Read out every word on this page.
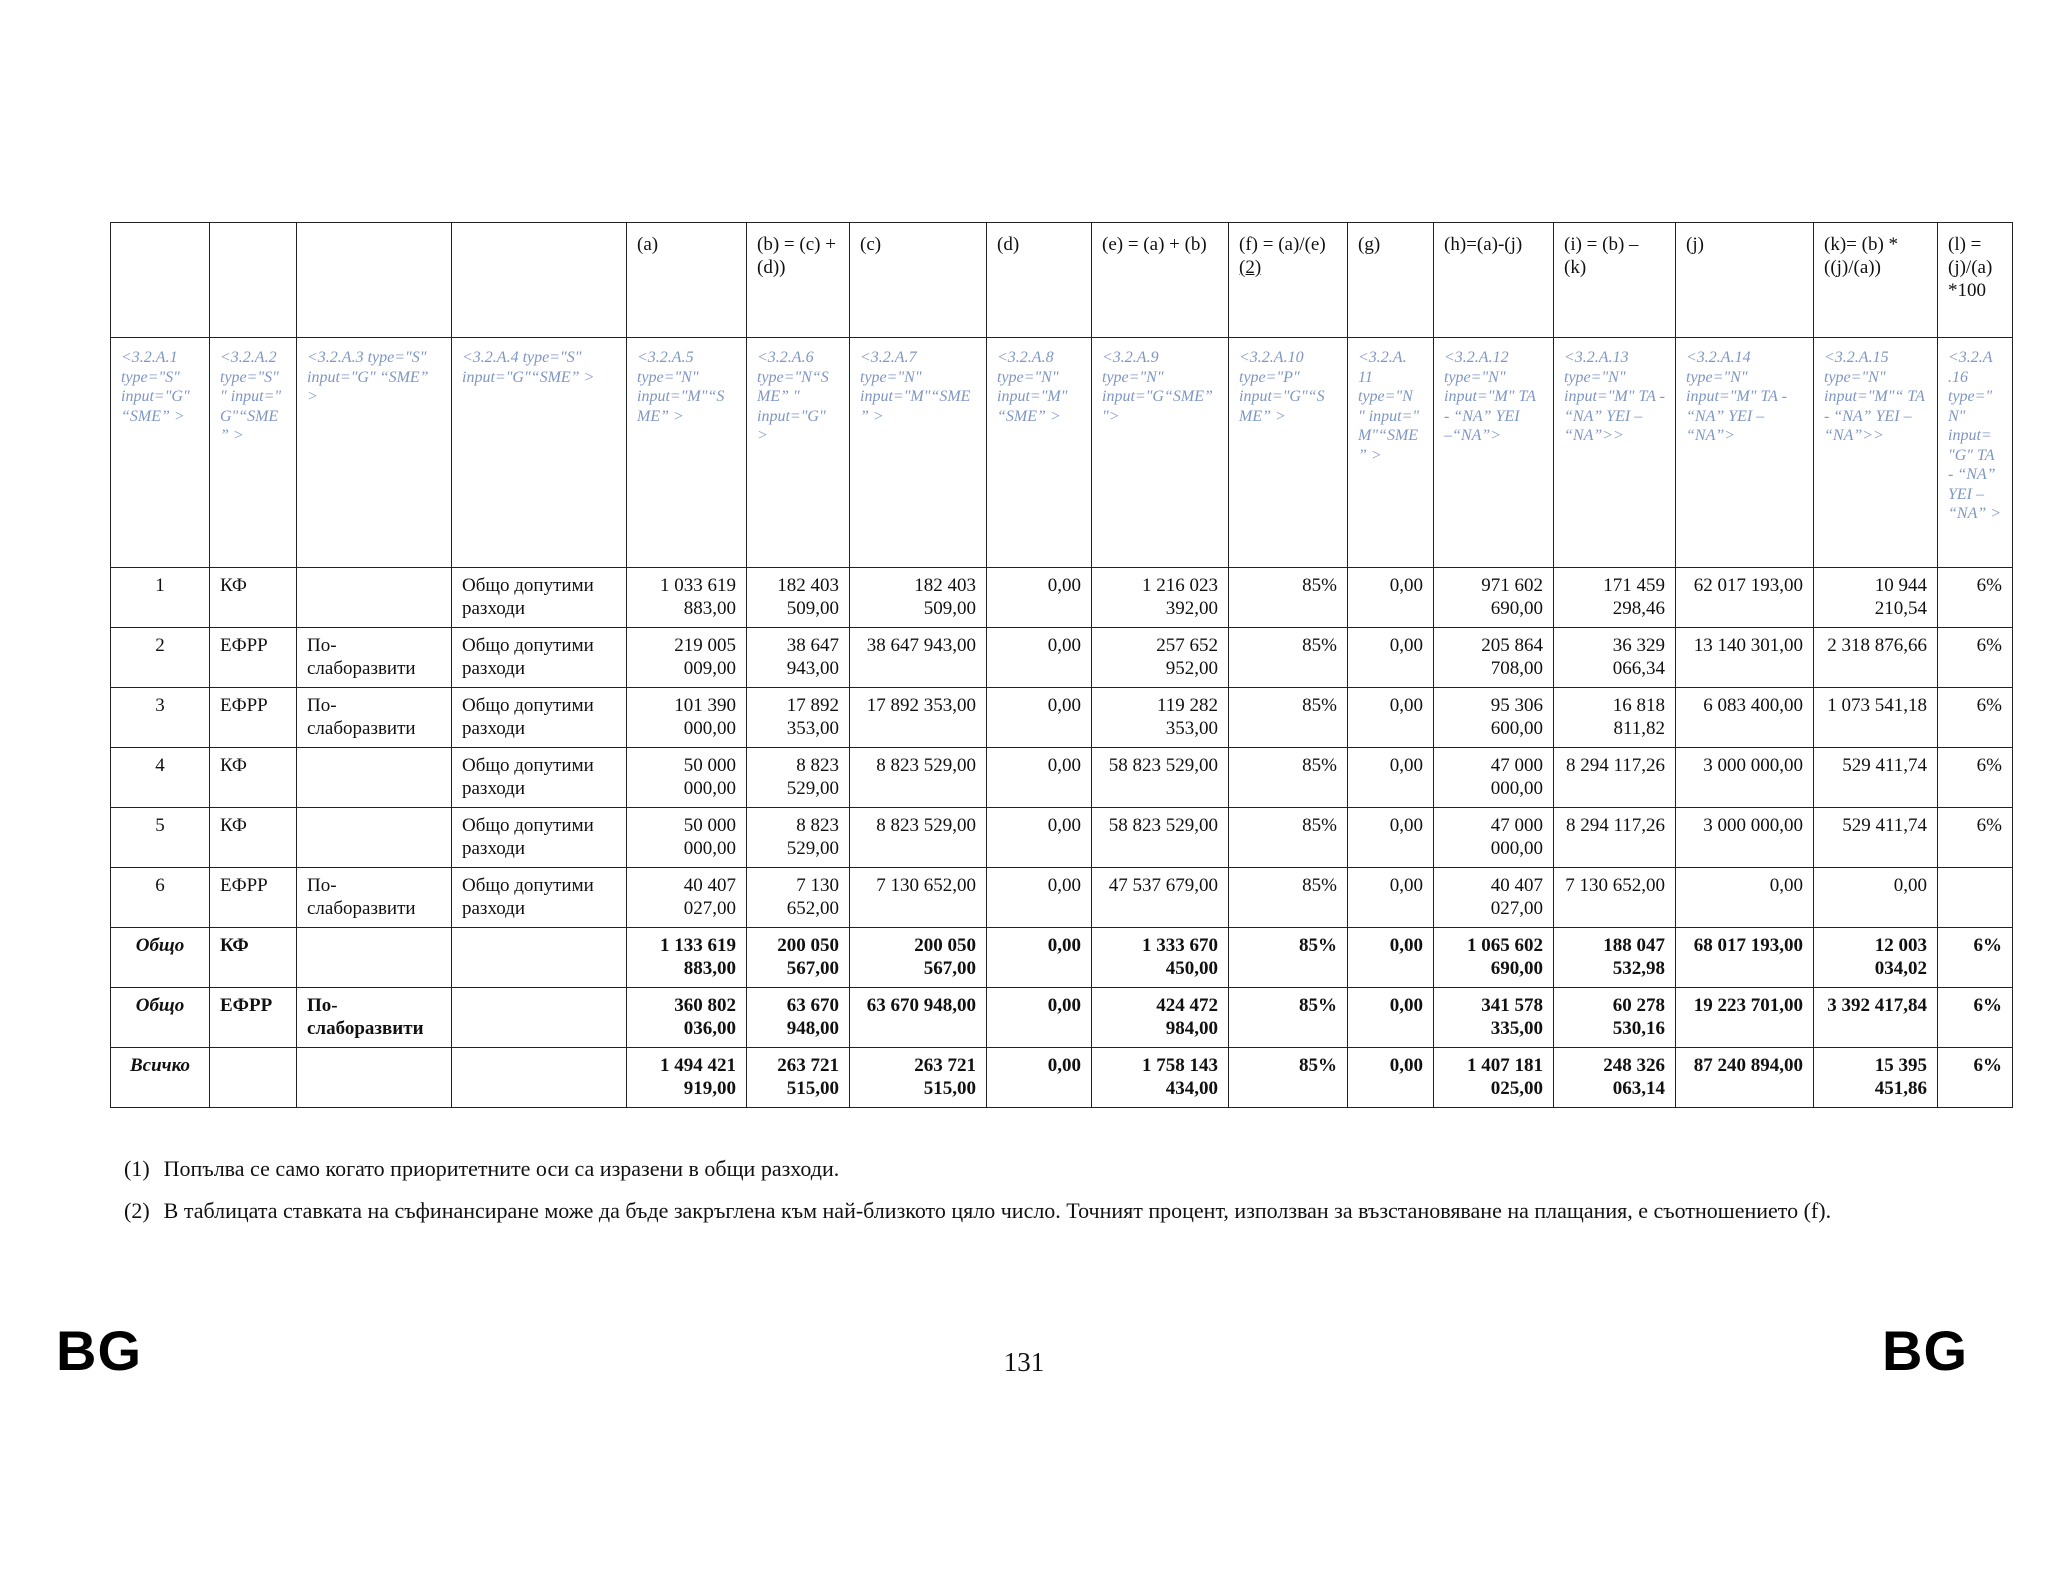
				(a)	(b) = (c) + (d))	(c)	(d)	(e) = (a) + (b)	(f) = (a)/(e) (2)	(g)	(h)=(a)-(j)	(i) = (b) – (k)	(j)	(k)= (b) * ((j)/(a))	(l) =(j)/(a) *100
<3.2.A.1 type="S" input="G" “SME” >	<3.2.A.2 type="S" " input=" G"“SME” >	<3.2.A.3 type="S" input="G" “SME” >	<3.2.A.4 type="S" input="G"“SME” >	<3.2.A.5 type="N" input="M"“SME” >	<3.2.A.6 type="N“SME” " input="G" >	<3.2.A.7 type="N" input="M"“SME” >	<3.2.A.8 type="N" input="M" “SME” >	<3.2.A.9 type="N" input="G“SME” ">	<3.2.A.10 type="P" input="G"“SME” >	<3.2.A. 11 type="N " input=" M"“SME” >	<3.2.A.12 type="N" input="M" TA - “NA” YEI –“NA”>	<3.2.A.13 type="N" input="M" TA - “NA” YEI – “NA”>>	<3.2.A.14 type="N" input="M" TA - “NA” YEI – “NA”>	<3.2.A.15 type="N" input="M"“ TA - “NA” YEI – “NA”>>	<3.2.A .16 type=" N" input= "G" TA - “NA” YEI – “NA” >
1	КФ		Общо допутими разходи	1 033 619 883,00	182 403 509,00	182 403 509,00	0,00	1 216 023 392,00	85%	0,00	971 602 690,00	171 459 298,46	62 017 193,00	10 944 210,54	6%
2	ЕФРР	По-слаборазвити	Общо допутими разходи	219 005 009,00	38 647 943,00	38 647 943,00	0,00	257 652 952,00	85%	0,00	205 864 708,00	36 329 066,34	13 140 301,00	2 318 876,66	6%
3	ЕФРР	По-слаборазвити	Общо допутими разходи	101 390 000,00	17 892 353,00	17 892 353,00	0,00	119 282 353,00	85%	0,00	95 306 600,00	16 818 811,82	6 083 400,00	1 073 541,18	6%
4	КФ		Общо допутими разходи	50 000 000,00	8 823 529,00	8 823 529,00	0,00	58 823 529,00	85%	0,00	47 000 000,00	8 294 117,26	3 000 000,00	529 411,74	6%
5	КФ		Общо допутими разходи	50 000 000,00	8 823 529,00	8 823 529,00	0,00	58 823 529,00	85%	0,00	47 000 000,00	8 294 117,26	3 000 000,00	529 411,74	6%
6	ЕФРР	По-слаборазвити	Общо допутими разходи	40 407 027,00	7 130 652,00	7 130 652,00	0,00	47 537 679,00	85%	0,00	40 407 027,00	7 130 652,00	0,00	0,00	
Общо	КФ			1 133 619 883,00	200 050 567,00	200 050 567,00	0,00	1 333 670 450,00	85%	0,00	1 065 602 690,00	188 047 532,98	68 017 193,00	12 003 034,02	6%
Общо	ЕФРР	По-слаборазвити		360 802 036,00	63 670 948,00	63 670 948,00	0,00	424 472 984,00	85%	0,00	341 578 335,00	60 278 530,16	19 223 701,00	3 392 417,84	6%
Всичко				1 494 421 919,00	263 721 515,00	263 721 515,00	0,00	1 758 143 434,00	85%	0,00	1 407 181 025,00	248 326 063,14	87 240 894,00	15 395 451,86	6%

(1) Попълва се само когато приоритетните оси са изразени в общи разходи.

(2) В таблицата ставката на съфинансиране може да бъде закръглена към най-близкото цяло число. Точният процент, използван за възстановяване на плащания, е съотношението (f).

BG	131	BG
